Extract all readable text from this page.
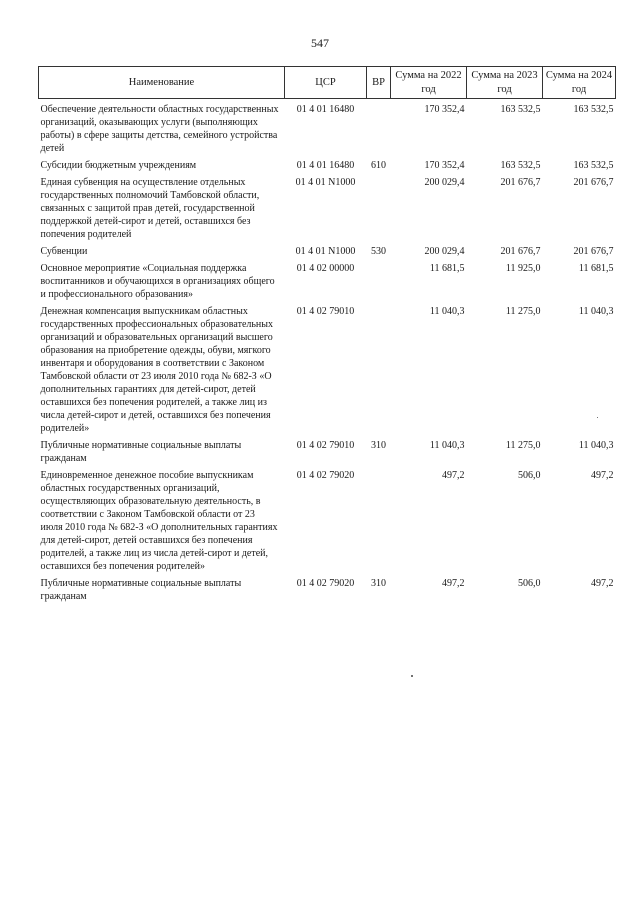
547
Наименование	ЦСР	ВР	Сумма на 2022 год	Сумма на 2023 год	Сумма на 2024 год
Обеспечение деятельности областных государственных организаций, оказывающих услуги (выполняющих работы) в сфере защиты детства, семейного устройства детей	01 4 01 16480		170 352,4	163 532,5	163 532,5
Субсидии бюджетным учреждениям	01 4 01 16480	610	170 352,4	163 532,5	163 532,5
Единая субвенция на осуществление отдельных государственных полномочий Тамбовской области, связанных с защитой прав детей, государственной поддержкой детей-сирот и детей, оставшихся без попечения родителей	01 4 01 N1000		200 029,4	201 676,7	201 676,7
Субвенции	01 4 01 N1000	530	200 029,4	201 676,7	201 676,7
Основное мероприятие «Социальная поддержка воспитанников и обучающихся в организациях общего и профессионального образования»	01 4 02 00000		11 681,5	11 925,0	11 681,5
Денежная компенсация выпускникам областных государственных профессиональных образовательных организаций и образовательных организаций высшего образования на приобретение одежды, обуви, мягкого инвентаря и оборудования в соответствии с Законом Тамбовской области от 23 июля 2010 года № 682-З «О дополнительных гарантиях для детей-сирот, детей оставшихся без попечения родителей, а также лиц из числа детей-сирот и детей, оставшихся без попечения родителей»	01 4 02 79010		11 040,3	11 275,0	11 040,3
Публичные нормативные социальные выплаты гражданам	01 4 02 79010	310	11 040,3	11 275,0	11 040,3
Единовременное денежное пособие выпускникам областных государственных организаций, осуществляющих образовательную деятельность, в соответствии с Законом Тамбовской области от 23 июля 2010 года № 682-З «О дополнительных гарантиях для детей-сирот, детей оставшихся без попечения родителей, а также лиц из числа детей-сирот и детей, оставшихся без попечения родителей»	01 4 02 79020		497,2	506,0	497,2
Публичные нормативные социальные выплаты гражданам	01 4 02 79020	310	497,2	506,0	497,2
